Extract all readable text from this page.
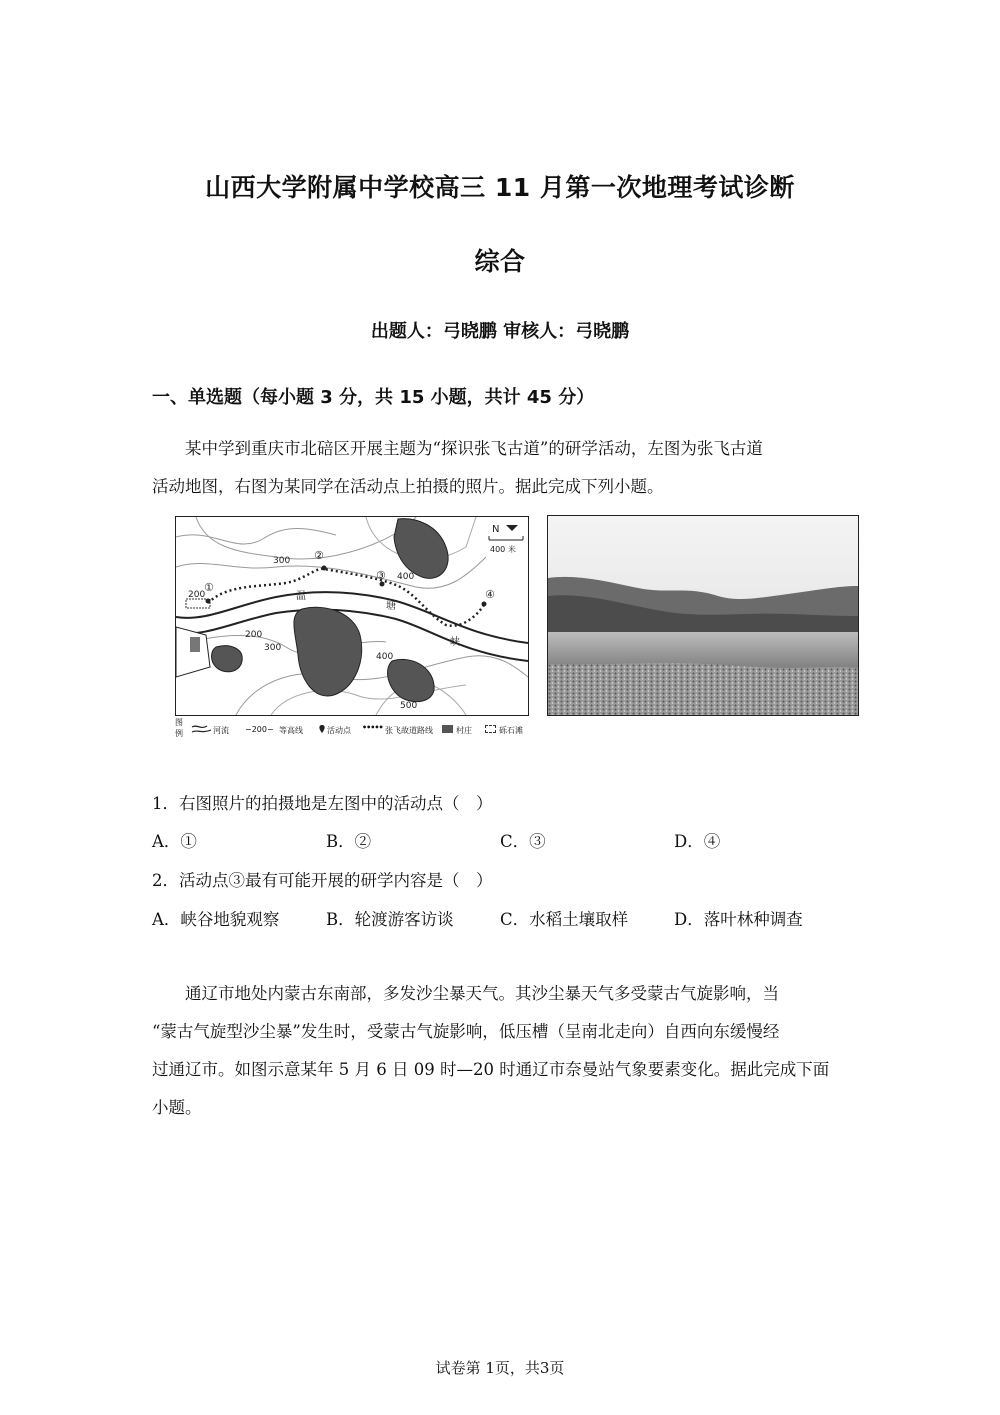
山西大学附属中学校高三 11 月第一次地理考试诊断
综合
出题人：弓晓鹏 审核人：弓晓鹏
一、单选题（每小题 3 分，共 15 小题，共计 45 分）

某中学到重庆市北碚区开展主题为“探识张飞古道”的研学活动，左图为张飞古道

活动地图，右图为某同学在活动点上拍摄的照片。据此完成下列小题。

N
400 米
300
400
200
200
300
400
500
①
②
③
④
温
塘
峡
图
例	河流 −200− 等高线	活动点 ••••• 张飞故道路线	村庄	砾石滩
1．右图照片的拍摄地是左图中的活动点（　）
A．①	B．②	C．③	D．④
2．活动点③最有可能开展的研学内容是（　）
A．峡谷地貌观察	B．轮渡游客访谈	C．水稻土壤取样	D．落叶林种调查

通辽市地处内蒙古东南部，多发沙尘暴天气。其沙尘暴天气多受蒙古气旋影响，当

“蒙古气旋型沙尘暴”发生时，受蒙古气旋影响，低压槽（呈南北走向）自西向东缓慢经

过通辽市。如图示意某年 5 月 6 日 09 时—20 时通辽市奈曼站气象要素变化。据此完成下面

小题。

试卷第 1页，共3页
